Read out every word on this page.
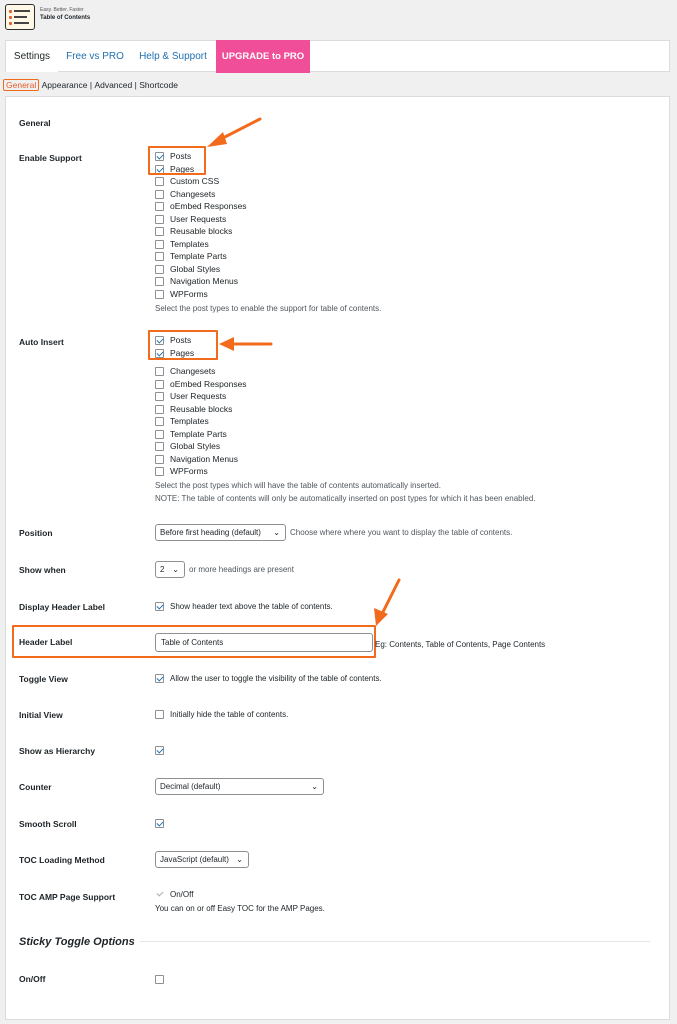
Easy. Better. Faster
Table of Contents
Settings	Free vs PRO	Help & Support	UPGRADE to PRO
General Appearance | Advanced | Shortcode
General
Enable Support	Posts
Pages
Custom CSS
Changesets
oEmbed Responses
User Requests
Reusable blocks
Templates
Template Parts
Global Styles
Navigation Menus
WPForms
Select the post types to enable the support for table of contents.
Auto Insert	Posts
Pages
Changesets
oEmbed Responses
User Requests
Reusable blocks
Templates
Template Parts
Global Styles
Navigation Menus
WPForms
Select the post types which will have the table of contents automatically inserted.
NOTE: The table of contents will only be automatically inserted on post types for which it has been enabled.
Position	Before first heading (default) ⌄ Choose where where you want to display the table of contents.
Show when	2 ⌄ or more headings are present
Display Header Label	Show header text above the table of contents.
Header Label	Table of Contents	Eg: Contents, Table of Contents, Page Contents
Toggle View	Allow the user to toggle the visibility of the table of contents.
Initial View	Initially hide the table of contents.
Show as Hierarchy
Counter	Decimal (default)	⌄
Smooth Scroll
TOC Loading Method	JavaScript (default) ⌄
TOC AMP Page Support	On/Off
You can on or off Easy TOC for the AMP Pages.
Sticky Toggle Options
On/Off
